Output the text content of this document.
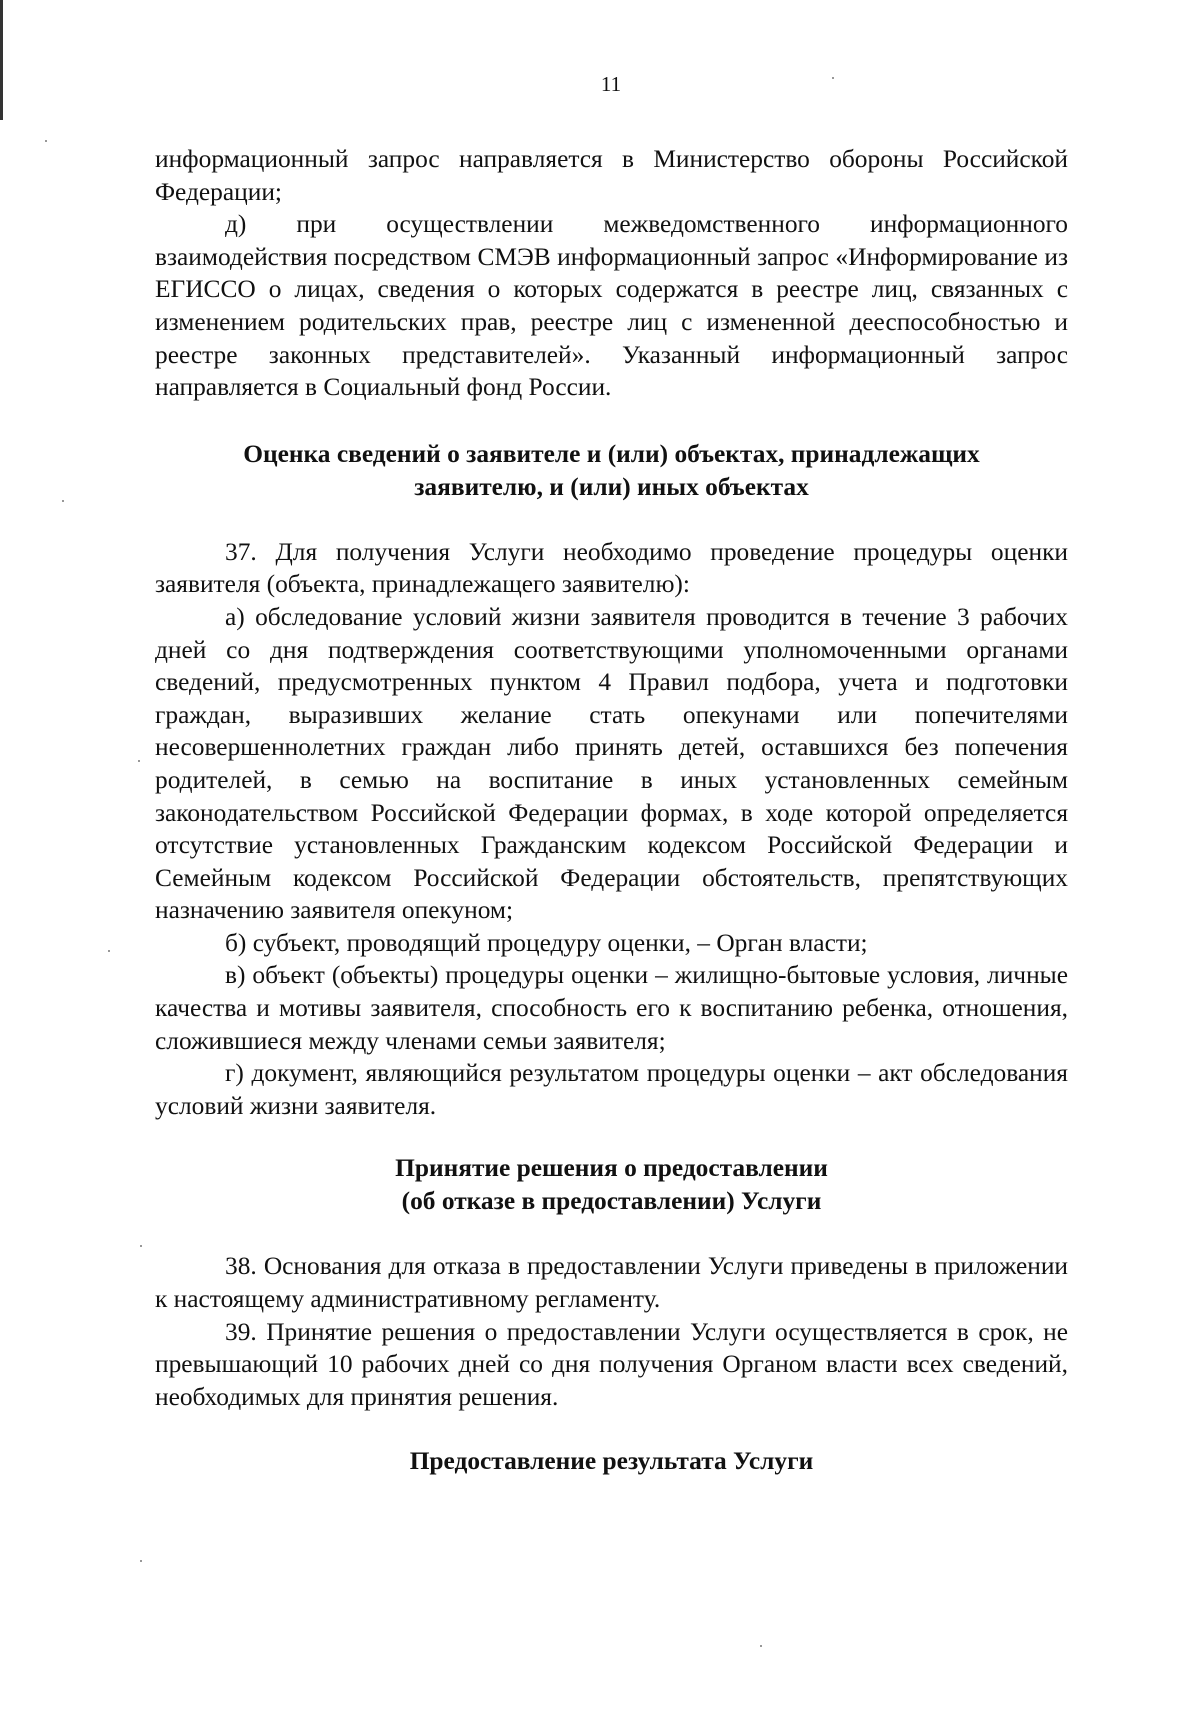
11

информационный запрос направляется в Министерство обороны Российской Федерации;

д) при осуществлении межведомственного информационного взаимодействия посредством СМЭВ информационный запрос «Информирование из ЕГИССО о лицах, сведения о которых содержатся в реестре лиц, связанных с изменением родительских прав, реестре лиц с измененной дееспособностью и реестре законных представителей». Указанный информационный запрос направляется в Социальный фонд России.

Оценка сведений о заявителе и (или) объектах, принадлежащих
заявителю, и (или) иных объектах

37. Для получения Услуги необходимо проведение процедуры оценки заявителя (объекта, принадлежащего заявителю):

а) обследование условий жизни заявителя проводится в течение 3 рабочих дней со дня подтверждения соответствующими уполномоченными органами сведений, предусмотренных пунктом 4 Правил подбора, учета и подготовки граждан, выразивших желание стать опекунами или попечителями несовершеннолетних граждан либо принять детей, оставшихся без попечения родителей, в семью на воспитание в иных установленных семейным законодательством Российской Федерации формах, в ходе которой определяется отсутствие установленных Гражданским кодексом Российской Федерации и Семейным кодексом Российской Федерации обстоятельств, препятствующих назначению заявителя опекуном;

б) субъект, проводящий процедуру оценки, – Орган власти;

в) объект (объекты) процедуры оценки – жилищно-бытовые условия, личные качества и мотивы заявителя, способность его к воспитанию ребенка, отношения, сложившиеся между членами семьи заявителя;

г) документ, являющийся результатом процедуры оценки – акт обследования условий жизни заявителя.

Принятие решения о предоставлении
(об отказе в предоставлении) Услуги

38. Основания для отказа в предоставлении Услуги приведены в приложении к настоящему административному регламенту.

39. Принятие решения о предоставлении Услуги осуществляется в срок, не превышающий 10 рабочих дней со дня получения Органом власти всех сведений, необходимых для принятия решения.

Предоставление результата Услуги
